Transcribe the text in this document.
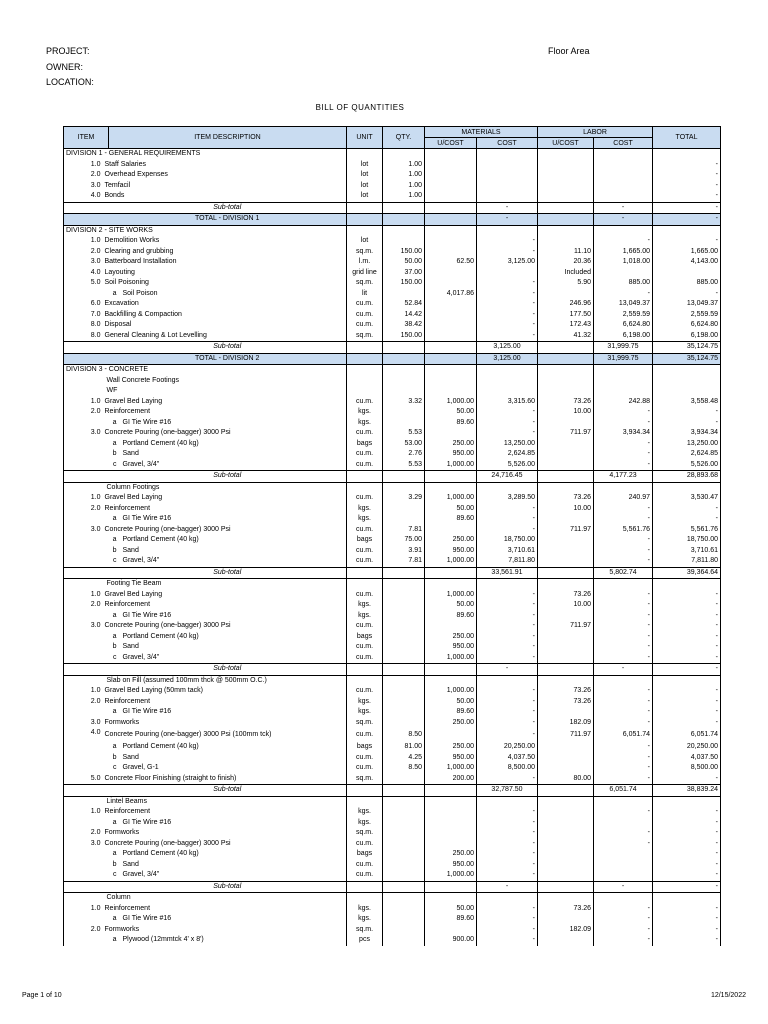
PROJECT:
OWNER:
LOCATION:
Floor Area
BILL OF QUANTITIES
ITEM	ITEM DESCRIPTION	UNIT	QTY.	MATERIALS	LABOR	TOTAL
U/COST	COST	U/COST	COST
DIVISION 1 - GENERAL REQUIREMENTS								

1.0 Staff Salaries	lot	1.00					-

2.0 Overhead Expenses	lot	1.00					-

3.0 Temfacil	lot	1.00					-

4.0 Bonds	lot	1.00					-
	Sub-total				-		-	-
	TOTAL - DIVISION 1				-		-	-
DIVISION 2 - SITE WORKS								

1.0 Demolition Works	lot			-		-	-

2.0 Clearing and grubbing	sq.m.	150.00		-	11.10	1,665.00	1,665.00

3.0 Batterboard Installation	l.m.	50.00	62.50	3,125.00	20.36	1,018.00	4,143.00

4.0 Layouting	grid line	37.00			Included		

5.0 Soil Poisoning	sq.m.	150.00		-	5.90	885.00	885.00

a Soil Poison	lit		4,017.86	-		-	-

6.0 Excavation	cu.m.	52.84		-	246.96	13,049.37	13,049.37

7.0 Backfilling & Compaction	cu.m.	14.42		-	177.50	2,559.59	2,559.59

8.0 Disposal	cu.m.	38.42		-	172.43	6,624.80	6,624.80

8.0 General Cleaning & Lot Levelling	sq.m.	150.00		-	41.32	6,198.00	6,198.00
	Sub-total				3,125.00		31,999.75	35,124.75
	TOTAL - DIVISION 2				3,125.00		31,999.75	35,124.75
DIVISION 3 - CONCRETE								
	Wall Concrete Footings							
	WF							

1.0 Gravel Bed Laying	cu.m.	3.32	1,000.00	3,315.60	73.26	242.88	3,558.48

2.0 Reinforcement	kgs.		50.00	-	10.00	-	-

a GI Tie Wire #16	kgs.		89.60	-		-	-

3.0 Concrete Pouring (one-bagger) 3000 Psi	cu.m.	5.53		-	711.97	3,934.34	3,934.34

a Portland Cement (40 kg)	bags	53.00	250.00	13,250.00		-	13,250.00

b Sand	cu.m.	2.76	950.00	2,624.85		-	2,624.85

c Gravel, 3/4"	cu.m.	5.53	1,000.00	5,526.00		-	5,526.00
	Sub-total				24,716.45		4,177.23	28,893.68
	Column Footings							

1.0 Gravel Bed Laying	cu.m.	3.29	1,000.00	3,289.50	73.26	240.97	3,530.47

2.0 Reinforcement	kgs.		50.00	-	10.00	-	-

a GI Tie Wire #16	kgs.		89.60	-		-	-

3.0 Concrete Pouring (one-bagger) 3000 Psi	cu.m.	7.81		-	711.97	5,561.76	5,561.76

a Portland Cement (40 kg)	bags	75.00	250.00	18,750.00		-	18,750.00

b Sand	cu.m.	3.91	950.00	3,710.61		-	3,710.61

c Gravel, 3/4"	cu.m.	7.81	1,000.00	7,811.80		-	7,811.80
	Sub-total				33,561.91		5,802.74	39,364.64
	Footing Tie Beam							

1.0 Gravel Bed Laying	cu.m.		1,000.00	-	73.26	-	-

2.0 Reinforcement	kgs.		50.00	-	10.00	-	-

a GI Tie Wire #16	kgs.		89.60	-		-	-

3.0 Concrete Pouring (one-bagger) 3000 Psi	cu.m.			-	711.97	-	-

a Portland Cement (40 kg)	bags		250.00	-		-	-

b Sand	cu.m.		950.00	-		-	-

c Gravel, 3/4"	cu.m.		1,000.00	-		-	-
	Sub-total				-		-	-
	Slab on Fill (assumed 100mm thck @ 500mm O.C.)							

1.0 Gravel Bed Laying (50mm tack)	cu.m.		1,000.00	-	73.26	-	-

2.0 Reinforcement	kgs.		50.00	-	73.26	-	-

a GI Tie Wire #16	kgs.		89.60	-		-	-

3.0 Formworks	sq.m.		250.00	-	182.09	-	-

4.0 Concrete Pouring (one-bagger) 3000 Psi (100mm tck)	cu.m.	8.50		-	711.97	6,051.74	6,051.74

a Portland Cement (40 kg)	bags	81.00	250.00	20,250.00		-	20,250.00

b Sand	cu.m.	4.25	950.00	4,037.50		-	4,037.50

c Gravel, G-1	cu.m.	8.50	1,000.00	8,500.00		-	8,500.00

5.0 Concrete Floor Finishing (straight to finish)	sq.m.		200.00	-	80.00	-	-
	Sub-total				32,787.50		6,051.74	38,839.24
	Lintel Beams							

1.0 Reinforcement	kgs.			-		-	-

a GI Tie Wire #16	kgs.			-			-

2.0 Formworks	sq.m.			-		-	-

3.0 Concrete Pouring (one-bagger) 3000 Psi	cu.m.			-		-	-

a Portland Cement (40 kg)	bags		250.00	-			-

b Sand	cu.m.		950.00	-			-

c Gravel, 3/4"	cu.m.		1,000.00	-			-
	Sub-total				-		-	-
	Column							

1.0 Reinforcement	kgs.		50.00	-	73.26	-	-

a GI Tie Wire #16	kgs.		89.60	-		-	-

2.0 Formworks	sq.m.			-	182.09	-	-

a Plywood (12mmtck 4' x 8')	pcs		900.00	-		-	-
Page 1 of 10	12/15/2022
